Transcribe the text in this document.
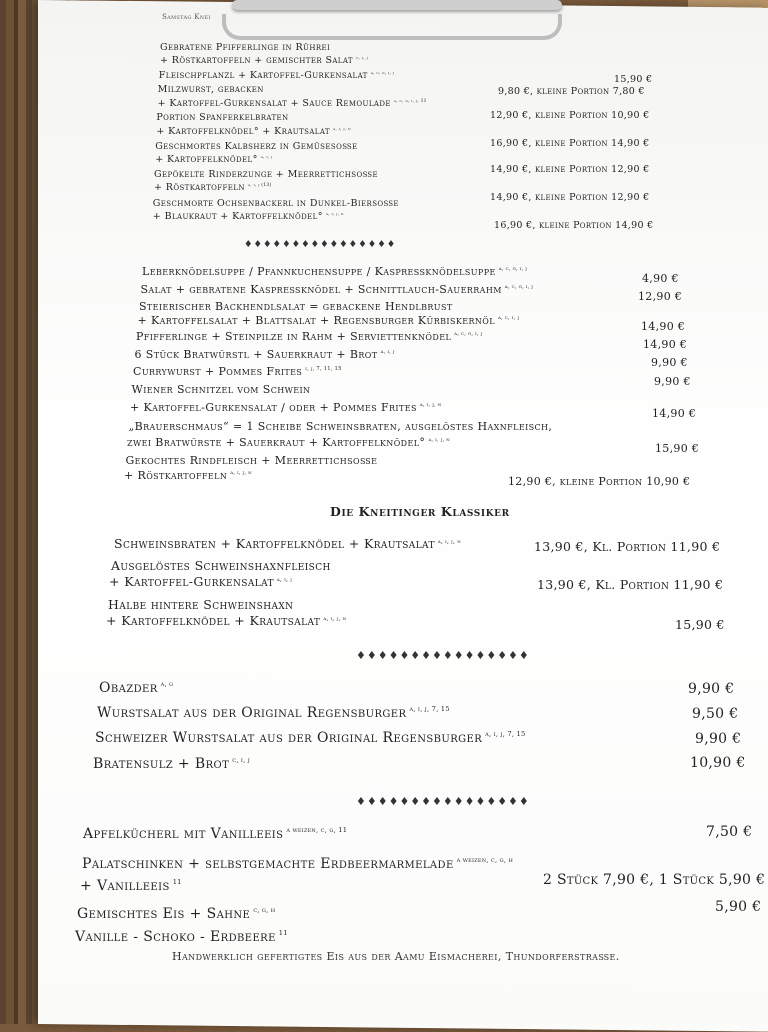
Samstag Knei
Gebratene Pfifferlinge in Rührei
+ Röstkartoffeln + gemischter Salat $^{c, i, j}$
15,90 €
Fleischpflanzl + Kartoffel-Gurkensalat $^{a, c, g, i, j}$
9,80 €, kleine Portion 7,80 €
Milzwurst, gebacken
+ Kartoffel-Gurkensalat + Sauce Remoulade $^{a, c, g, i, j, 11}$
12,90 €, kleine Portion 10,90 €
Portion Spanferkelbraten
+ Kartoffelknödel° + Krautsalat $^{a, i, j, n}$
16,90 €, kleine Portion 14,90 €
Geschmortes Kalbsherz in Gemüsesoße
+ Kartoffelknödel° $^{a, i, j}$
14,90 €, kleine Portion 12,90 €
Gepökelte Rinderzunge + Meerrettichsoße
+ Röstkartoffeln $^{a, i, j (13)}$
14,90 €, kleine Portion 12,90 €
Geschmorte Ochsenbackerl in Dunkel-Biersoße
+ Blaukraut + Kartoffelknödel° $^{a, i, j, n}$
16,90 €, kleine Portion 14,90 €
♦♦♦♦♦♦♦♦♦♦♦♦♦♦♦♦
Leberknödelsuppe / Pfannkuchensuppe / Kaspressknödelsuppe $^{a, c, g, i, j}$
4,90 €
Salat + gebratene Kaspressknödel + Schnittlauch-Sauerrahm $^{a, c, g, i, j}$
12,90 €
Steierischer Backhendlsalat = gebackene Hendlbrust
+ Kartoffelsalat + Blattsalat + Regensburger Kürbiskernöl $^{a, c, i, j}$
14,90 €
Pfifferlinge + Steinpilze in Rahm + Serviettenknödel $^{a, c, g, i, j}$
14,90 €
6 Stück Bratwürstl + Sauerkraut + Brot $^{a, i, j}$
9,90 €
Currywurst + Pommes Frites $^{i, j, 7, 11, 15}$
9,90 €
Wiener Schnitzel vom Schwein
+ Kartoffel-Gurkensalat / oder + Pommes Frites $^{a, i, j, n}$
14,90 €
„Brauerschmaus“ = 1 Scheibe Schweinsbraten, ausgelöstes Haxnfleisch,
zwei Bratwürste + Sauerkraut + Kartoffelknödel° $^{a, i, j, n}$
15,90 €
Gekochtes Rindfleisch + Meerrettichsoße
+ Röstkartoffeln $^{a, i, j, n}$
12,90 €, kleine Portion 10,90 €
Die Kneitinger Klassiker
Schweinsbraten + Kartoffelknödel + Krautsalat $^{a, i, j, n}$	13,90 €, Kl. Portion 11,90 €
Ausgelöstes Schweinshaxnfleisch
+ Kartoffel-Gurkensalat $^{a, i, j}$	13,90 €, Kl. Portion 11,90 €
Halbe hintere Schweinshaxn
+ Kartoffelknödel + Krautsalat $^{a, i, j, n}$	15,90 €
♦♦♦♦♦♦♦♦♦♦♦♦♦♦♦♦
Obazder $^{a, g}$	9,90 €
Wurstsalat aus der Original Regensburger $^{a, i, j, 7, 15}$	9,50 €
Schweizer Wurstsalat aus der Original Regensburger $^{a, i, j, 7, 15}$	9,90 €
Bratensulz + Brot $^{c, i, j}$	10,90 €
♦♦♦♦♦♦♦♦♦♦♦♦♦♦♦♦
Apfelkücherl mit Vanilleeis $^{a weizen, c, g, 11}$	7,50 €
Palatschinken + selbstgemachte Erdbeermarmelade $^{a weizen, c, g, h}$
+ Vanilleeis $^{11}$	2 Stück 7,90 €, 1 Stück 5,90 €
Gemischtes Eis + Sahne $^{c, g, h}$	5,90 €
Vanille - Schoko - Erdbeere $^{11}$
Handwerklich gefertigtes Eis aus der Aamu Eismacherei, Thundorferstraße.
